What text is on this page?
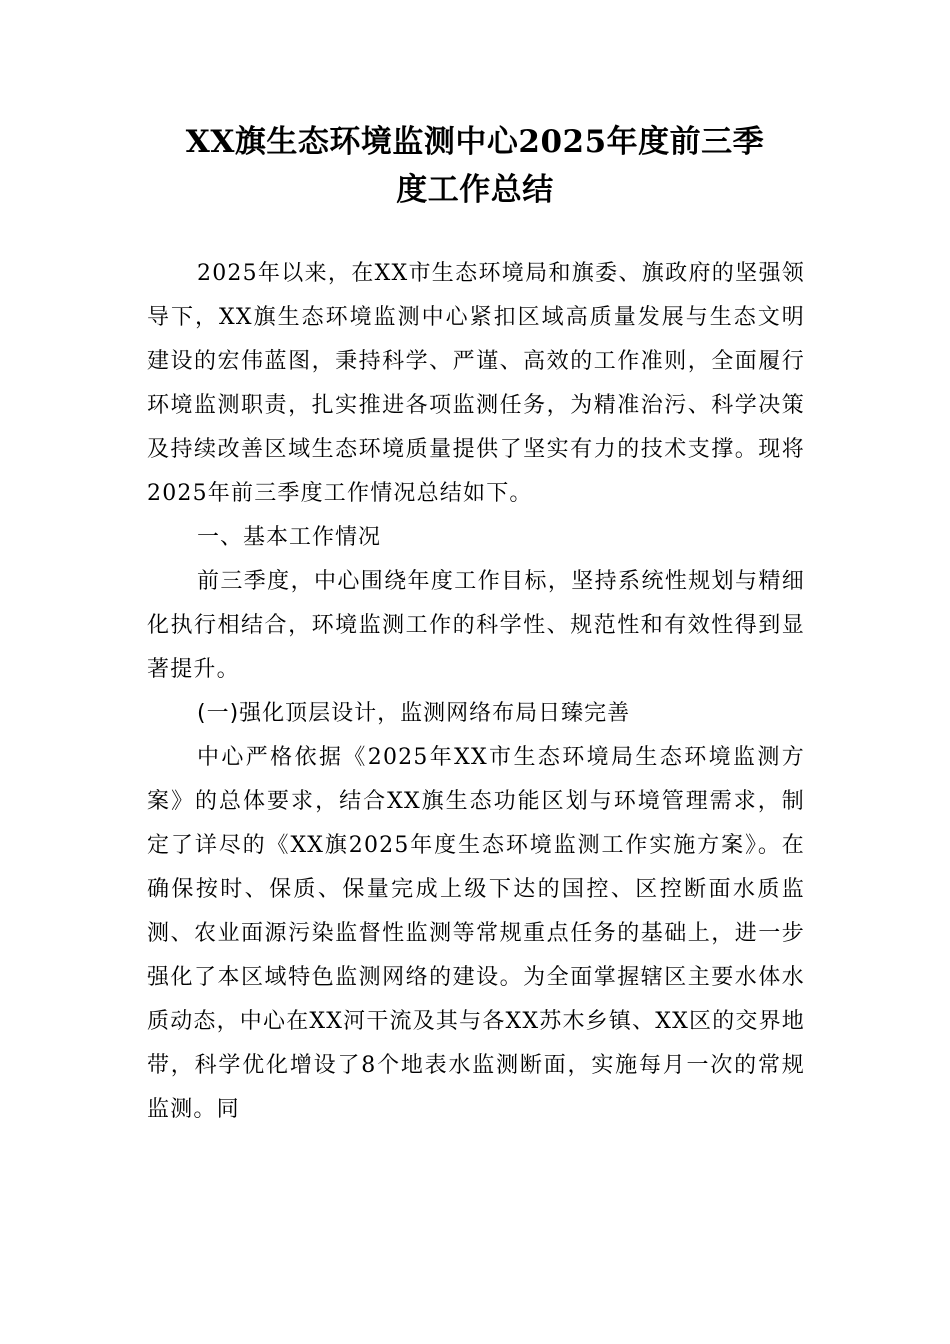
XX旗生态环境监测中心2025年度前三季
度工作总结

2025年以来，在XX市生态环境局和旗委、旗政府的坚强领导下，XX旗生态环境监测中心紧扣区域高质量发展与生态文明建设的宏伟蓝图，秉持科学、严谨、高效的工作准则，全面履行环境监测职责，扎实推进各项监测任务，为精准治污、科学决策及持续改善区域生态环境质量提供了坚实有力的技术支撑。现将2025年前三季度工作情况总结如下。

一、基本工作情况

前三季度，中心围绕年度工作目标，坚持系统性规划与精细化执行相结合，环境监测工作的科学性、规范性和有效性得到显著提升。

(一)强化顶层设计，监测网络布局日臻完善

中心严格依据《2025年XX市生态环境局生态环境监测方案》的总体要求，结合XX旗生态功能区划与环境管理需求，制定了详尽的《XX旗2025年度生态环境监测工作实施方案》。在确保按时、保质、保量完成上级下达的国控、区控断面水质监测、农业面源污染监督性监测等常规重点任务的基础上，进一步强化了本区域特色监测网络的建设。为全面掌握辖区主要水体水质动态，中心在XX河干流及其与各XX苏木乡镇、XX区的交界地带，科学优化增设了8个地表水监测断面，实施每月一次的常规监测。同
